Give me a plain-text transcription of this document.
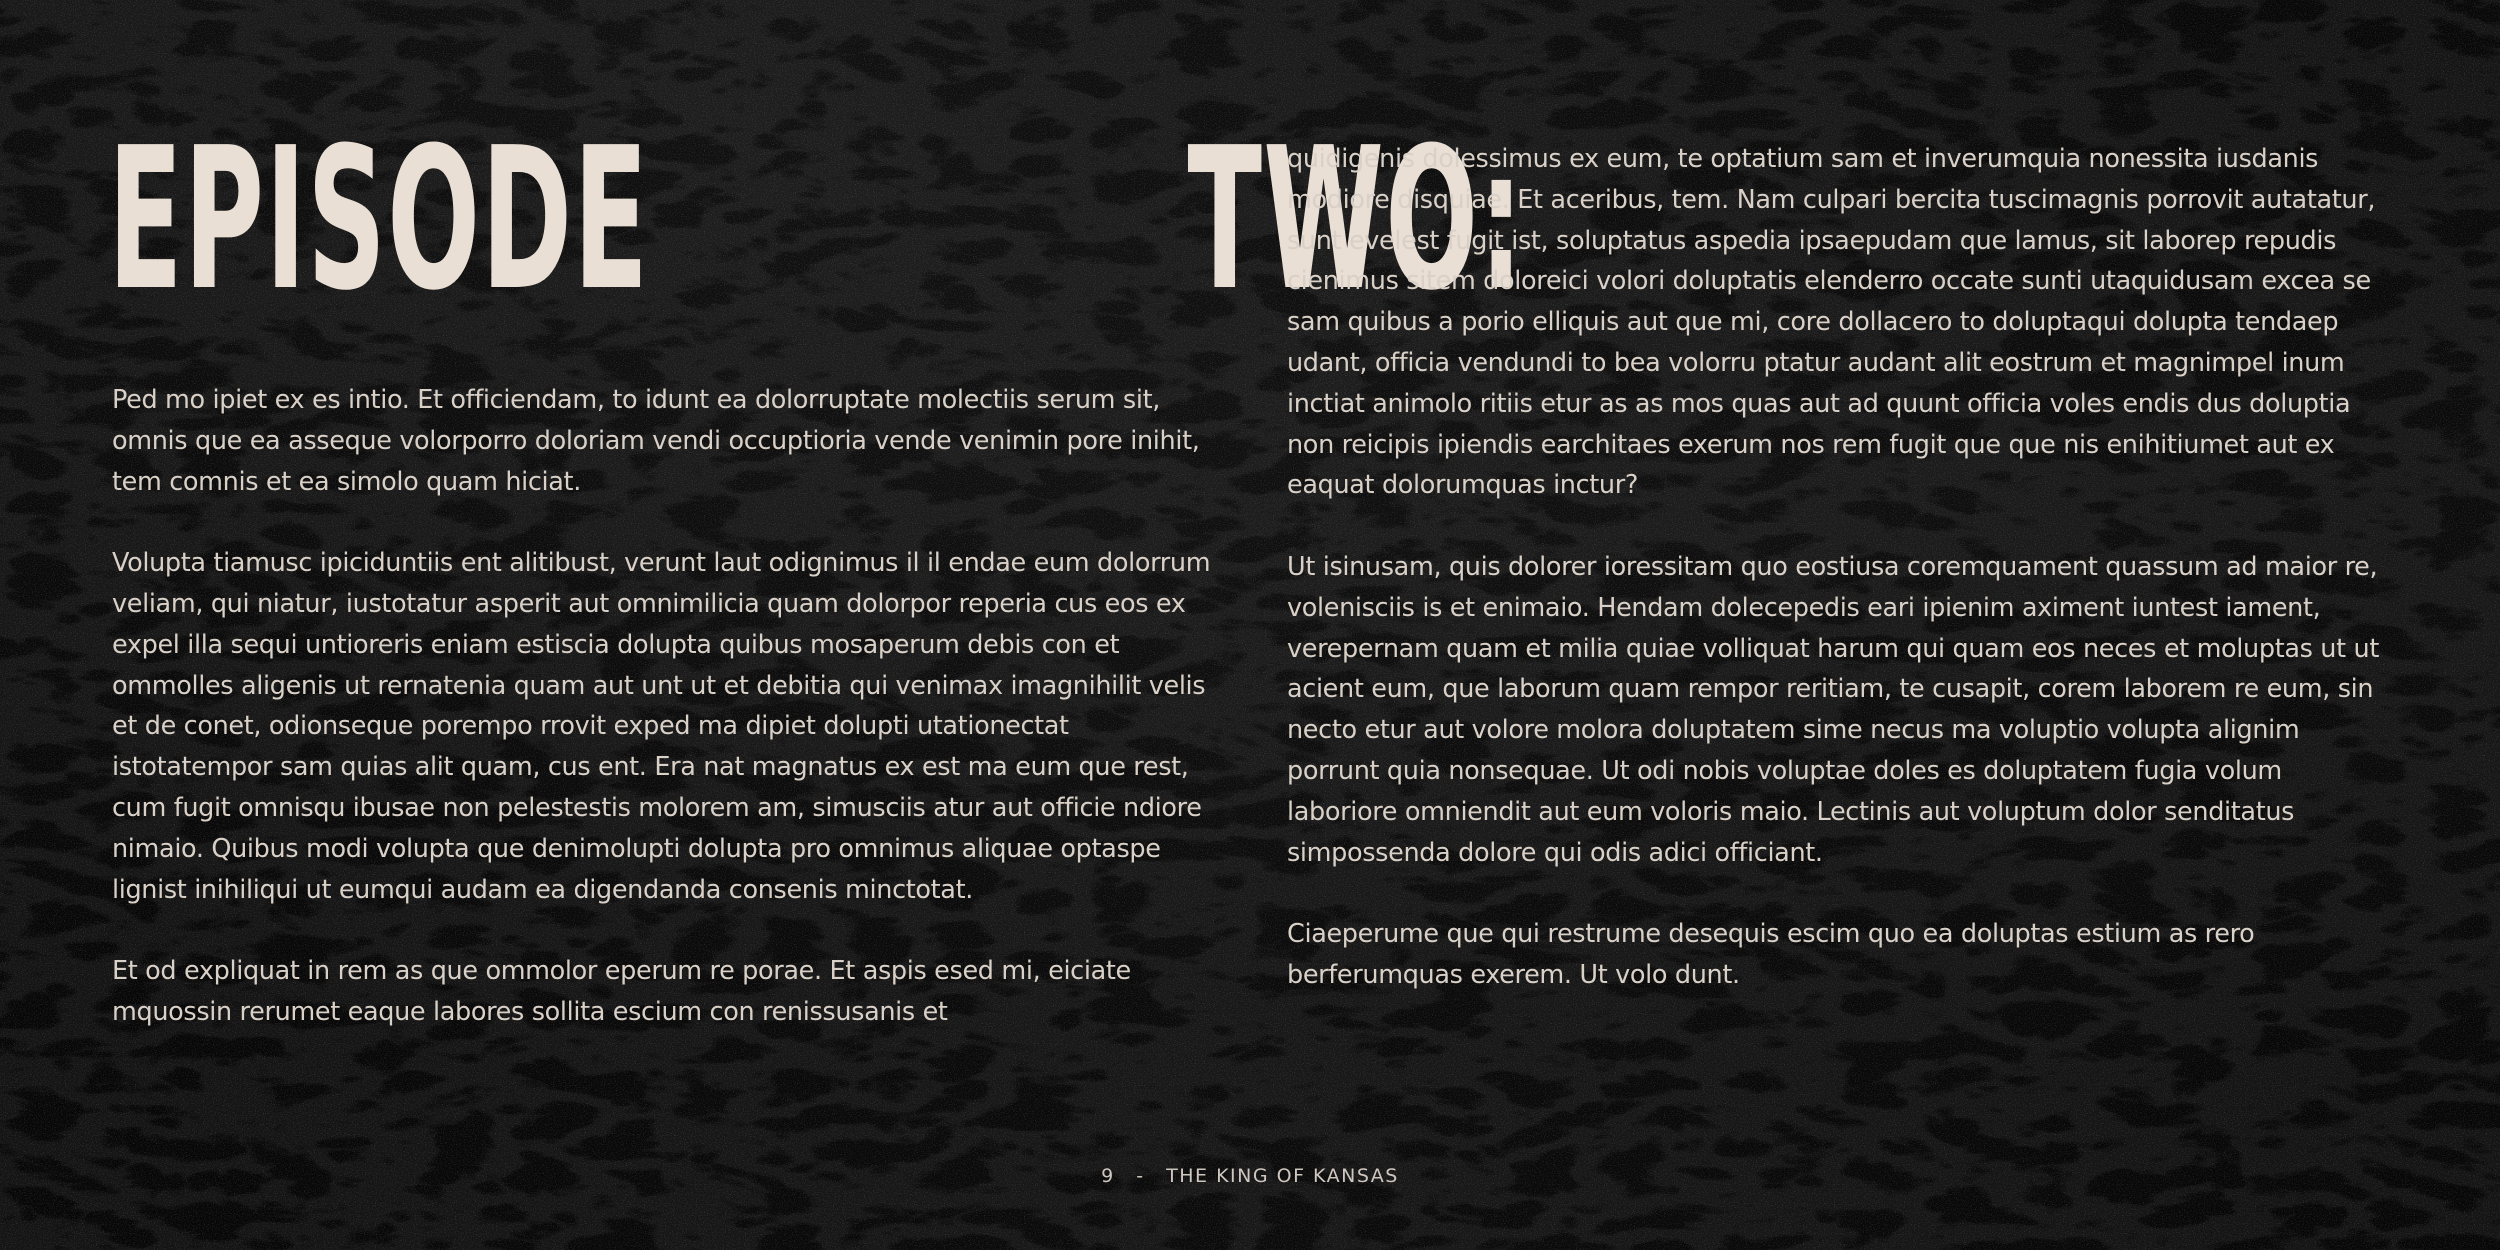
EPISODE	TWO:

Ped mo ipiet ex es intio. Et officiendam, to idunt ea dolorruptate molectiis serum sit, omnis que ea asseque volorporro doloriam vendi occuptioria vende venimin pore inihit, tem comnis et ea simolo quam hiciat.

Volupta tiamusc ipiciduntiis ent alitibust, verunt laut odignimus il il endae eum dolorrum veliam, qui niatur, iustotatur asperit aut omnimilicia quam dolorpor reperia cus eos ex expel illa sequi untioreris eniam estiscia dolupta quibus mosaperum debis con et ommolles aligenis ut rernatenia quam aut unt ut et debitia qui venimax imagnihilit velis et de conet, odionseque porempo rrovit exped ma dipiet dolupti utationectat istotatempor sam quias alit quam, cus ent. Era nat magnatus ex est ma eum que rest, cum fugit omnisqu ibusae non pelestestis molorem am, simusciis atur aut officie ndiore nimaio. Quibus modi volupta que denimolupti dolupta pro omnimus aliquae optaspe lignist inihiliqui ut eumqui audam ea digendanda consenis minctotat.

Et od expliquat in rem as que ommolor eperum re porae. Et aspis esed mi, eiciate mquossin rerumet eaque labores sollita escium con renissusanis et

quidigenis dolessimus ex eum, te optatium sam et inverumquia nonessita iusdanis modiore disquiae. Et aceribus, tem. Nam culpari bercita tuscimagnis porrovit autatatur, sunt evelest fugit ist, soluptatus aspedia ipsaepudam que lamus, sit laborep repudis cienimus sitem doloreici volori doluptatis elenderro occate sunti utaquidusam excea se sam quibus a porio elliquis aut que mi, core dollacero to doluptaqui dolupta tendaep udant, officia vendundi to bea volorru ptatur audant alit eostrum et magnimpel inum inctiat animolo ritiis etur as as mos quas aut ad quunt officia voles endis dus doluptia non reicipis ipiendis earchitaes exerum nos rem fugit que que nis enihitiumet aut ex eaquat dolorumquas inctur?

Ut isinusam, quis dolorer ioressitam quo eostiusa coremquament quassum ad maior re, volenisciis is et enimaio. Hendam dolecepedis eari ipienim aximent iuntest iament, verepernam quam et milia quiae volliquat harum qui quam eos neces et moluptas ut ut acient eum, que laborum quam rempor reritiam, te cusapit, corem laborem re eum, sin necto etur aut volore molora doluptatem sime necus ma voluptio volupta alignim porrunt quia nonsequae. Ut odi nobis voluptae doles es doluptatem fugia volum laboriore omniendit aut eum voloris maio. Lectinis aut voluptum dolor senditatus simpossenda dolore qui odis adici officiant.

Ciaeperume que qui restrume desequis escim quo ea doluptas estium as rero berferumquas exerem. Ut volo dunt.

9 - THE KING OF KANSAS
